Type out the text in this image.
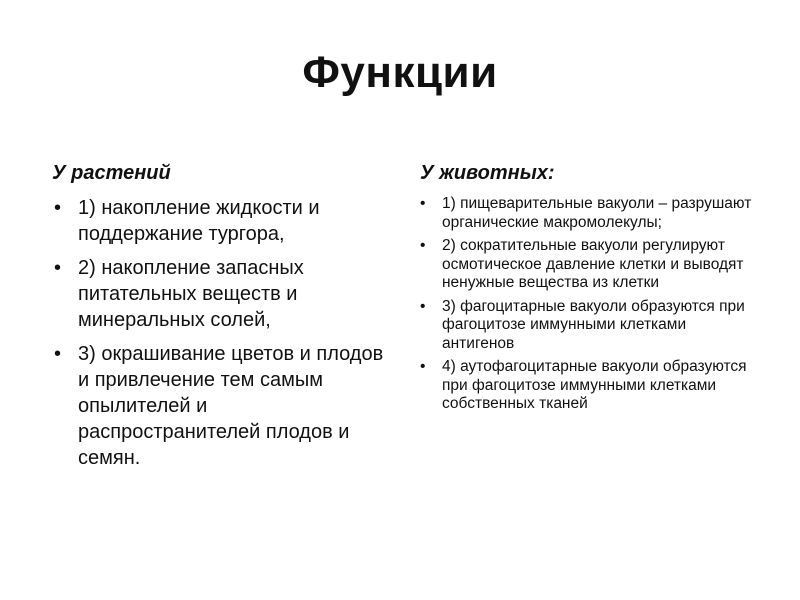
Функции
У растений
• 1) накопление жидкости и поддержание тургора,
• 2) накопление запасных питательных веществ и минеральных солей,
• 3) окрашивание цветов и плодов и привлечение тем самым опылителей и распространителей плодов и семян.
У животных:
• 1) пищеварительные вакуоли – разрушают органические макромолекулы;
• 2) сократительные вакуоли регулируют осмотическое давление клетки и выводят ненужные вещества из клетки
• 3) фагоцитарные вакуоли образуются при фагоцитозе иммунными клетками антигенов
• 4) аутофагоцитарные вакуоли образуются при фагоцитозе иммунными клетками собственных тканей
